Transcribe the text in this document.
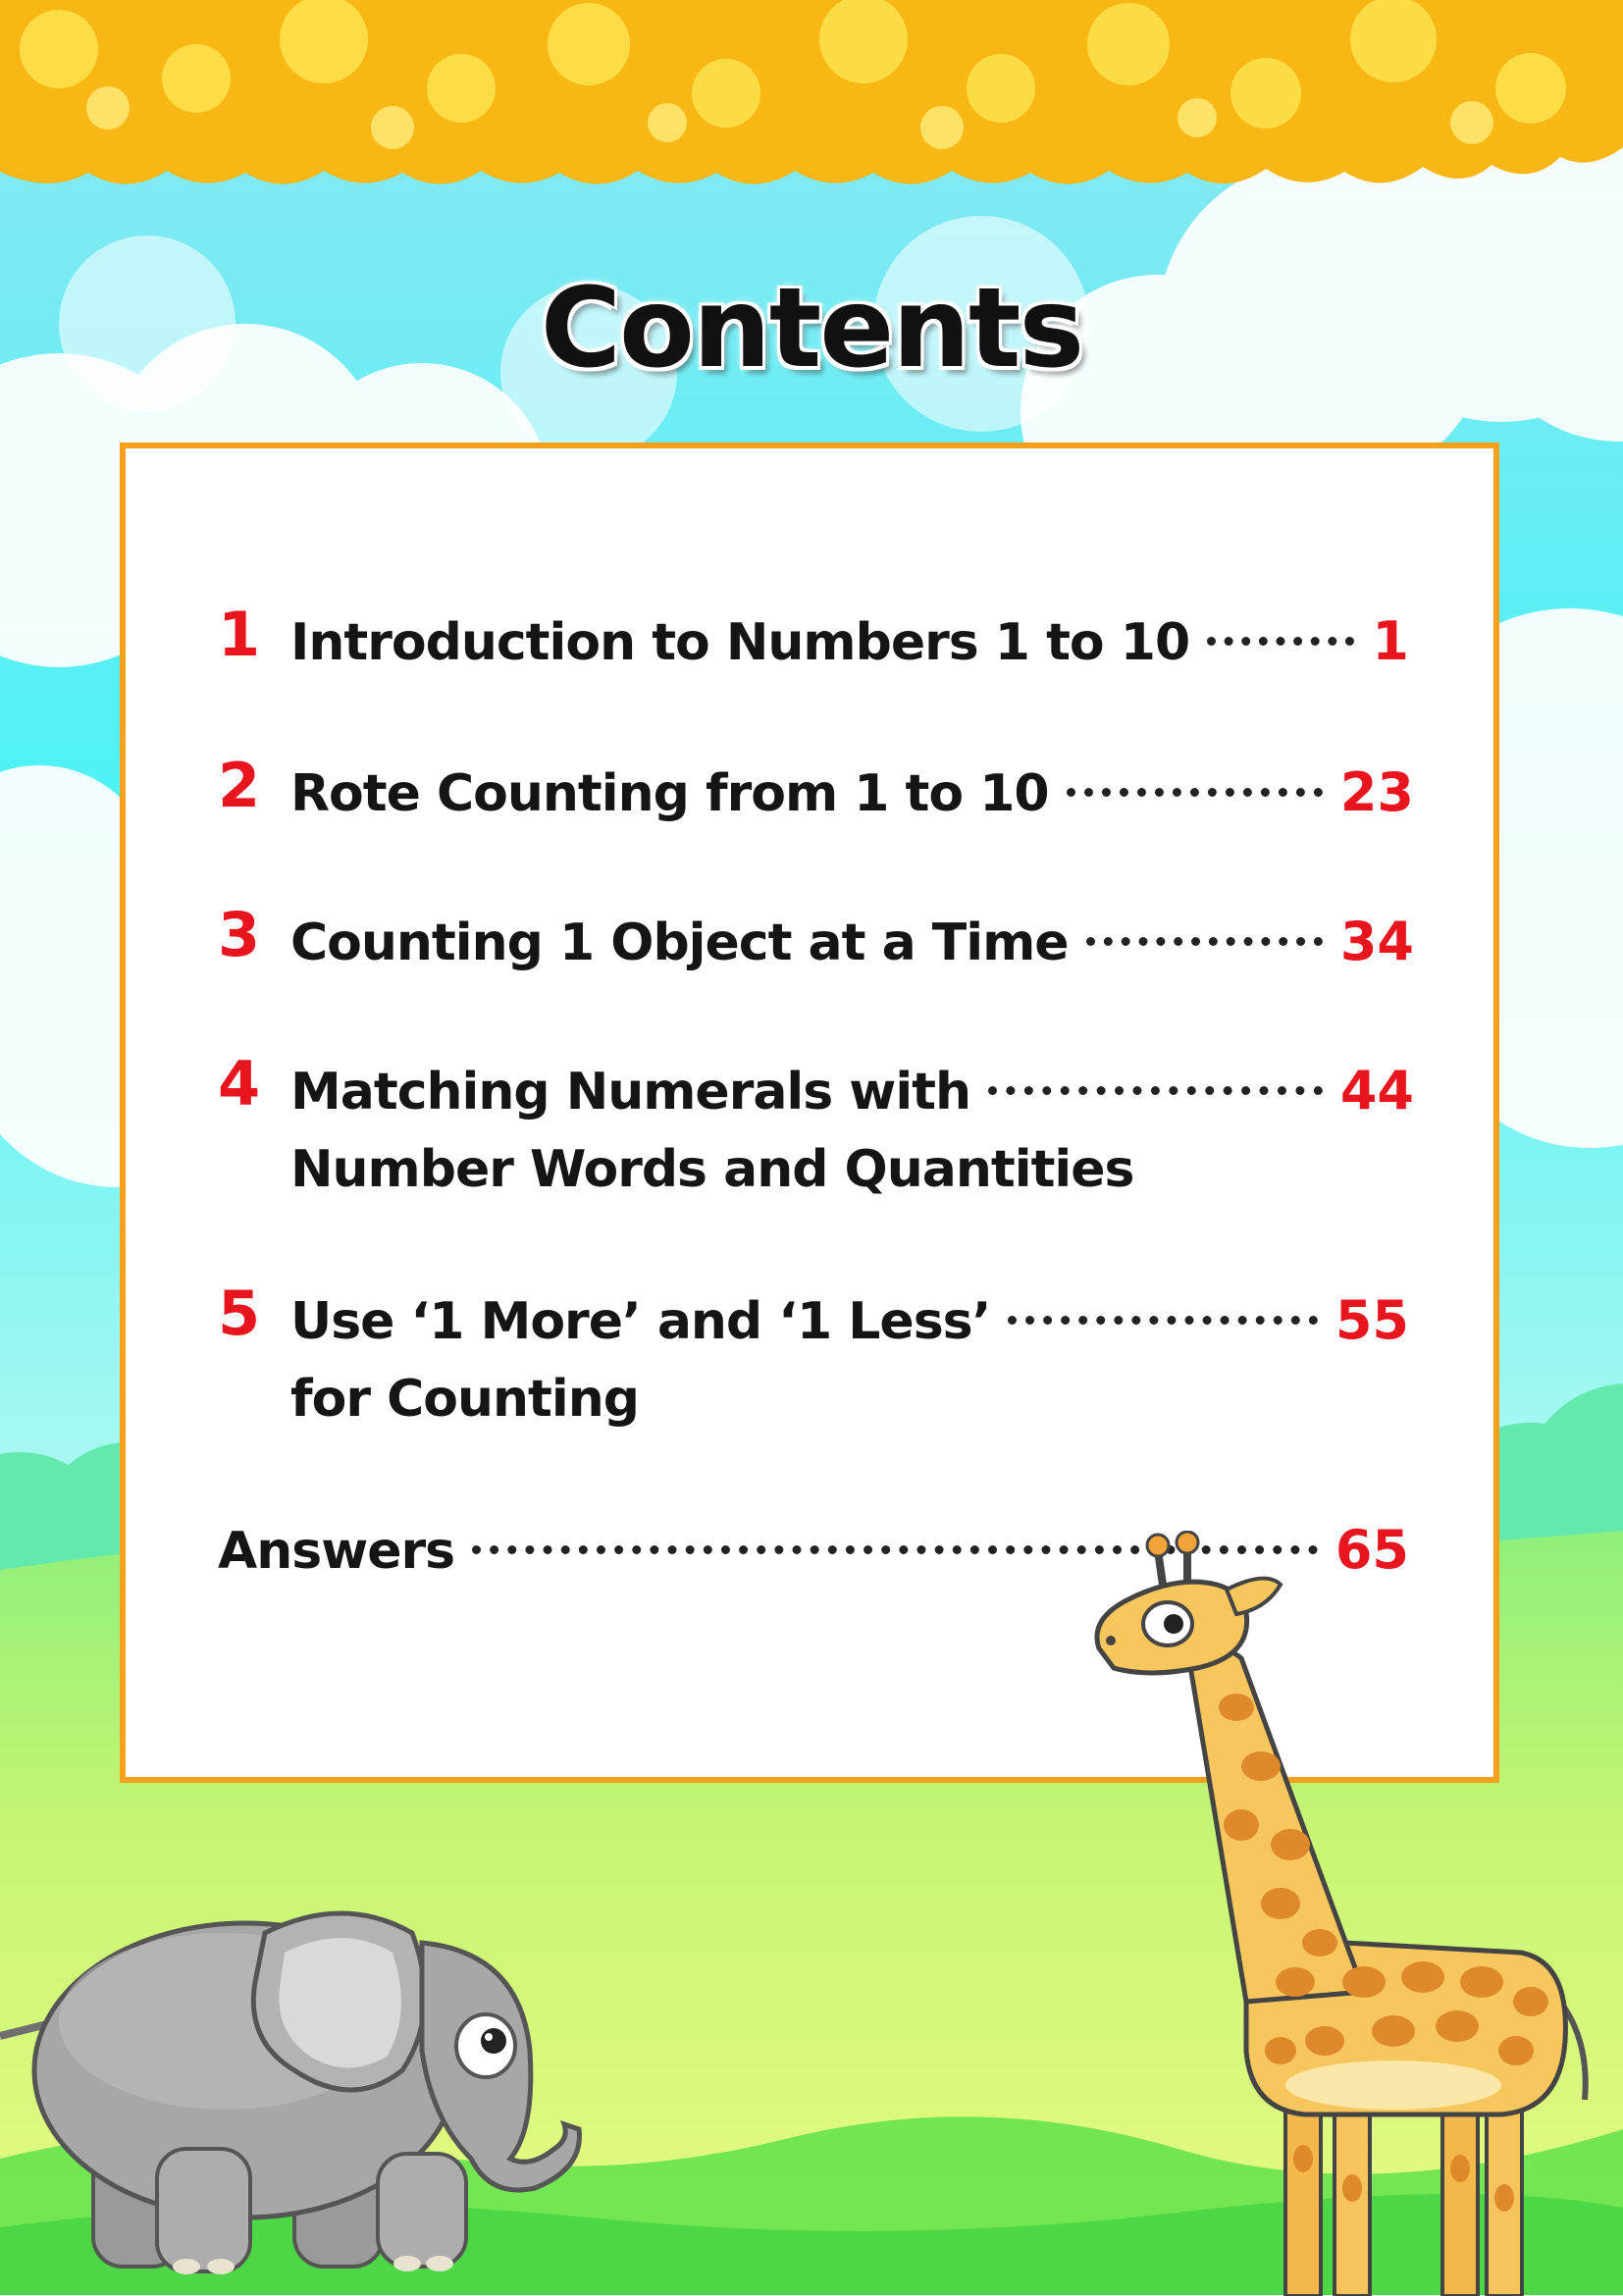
Contents
1 Introduction to Numbers 1 to 10	1
2 Rote Counting from 1 to 10	23
3 Counting 1 Object at a Time	34
4 Matching Numerals with	44
Number Words and Quantities
5 Use ‘1 More’ and ‘1 Less’	55
for Counting
Answers	65
